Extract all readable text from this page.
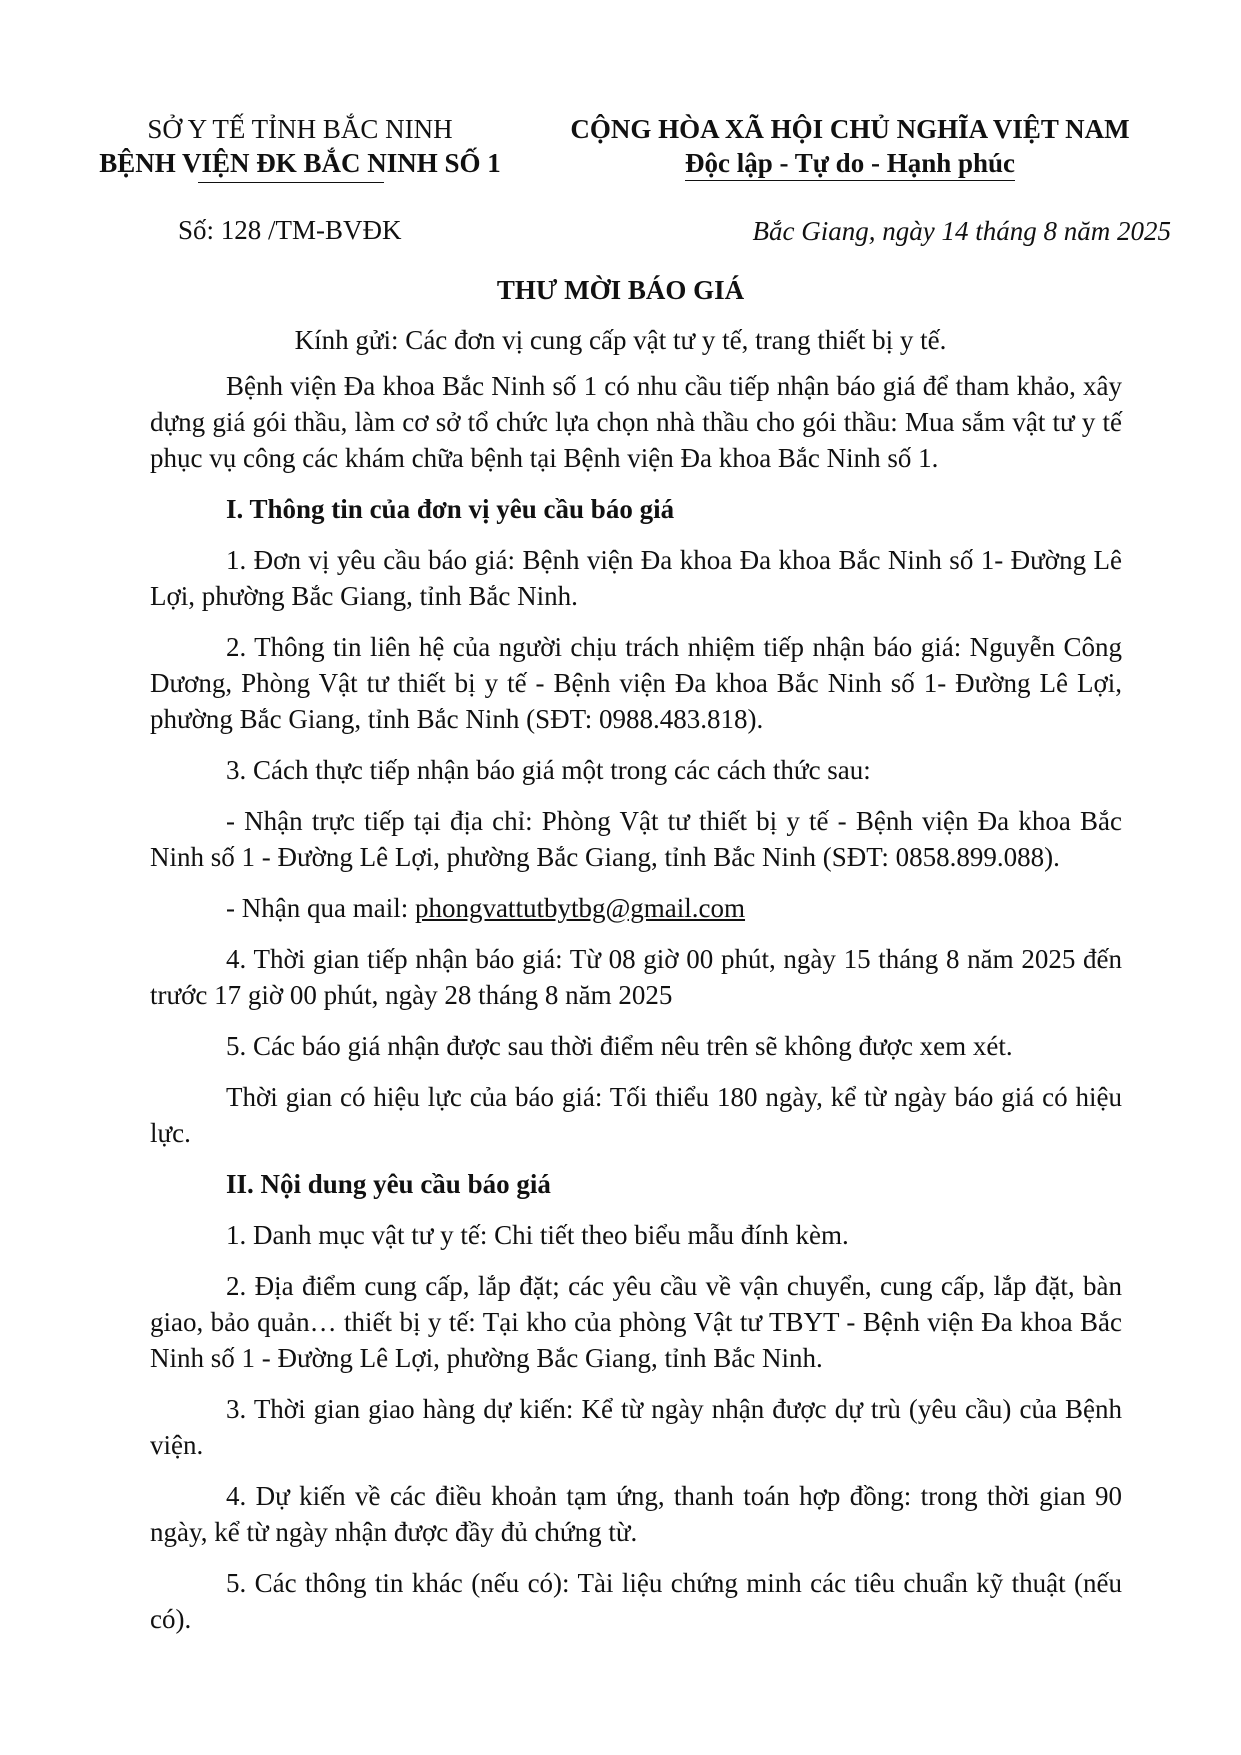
SỞ Y TẾ TỈNH BẮC NINH
BỆNH VIỆN ĐK BẮC NINH SỐ 1
CỘNG HÒA XÃ HỘI CHỦ NGHĨA VIỆT NAM
Độc lập - Tự do - Hạnh phúc
Số: 128 /TM-BVĐK	Bắc Giang, ngày 14 tháng 8 năm 2025
THƯ MỜI BÁO GIÁ
Kính gửi: Các đơn vị cung cấp vật tư y tế, trang thiết bị y tế.

Bệnh viện Đa khoa Bắc Ninh số 1 có nhu cầu tiếp nhận báo giá để tham khảo, xây dựng giá gói thầu, làm cơ sở tổ chức lựa chọn nhà thầu cho gói thầu: Mua sắm vật tư y tế phục vụ công các khám chữa bệnh tại Bệnh viện Đa khoa Bắc Ninh số 1.

I. Thông tin của đơn vị yêu cầu báo giá

1. Đơn vị yêu cầu báo giá: Bệnh viện Đa khoa Đa khoa Bắc Ninh số 1- Đường Lê Lợi, phường Bắc Giang, tỉnh Bắc Ninh.

2. Thông tin liên hệ của người chịu trách nhiệm tiếp nhận báo giá: Nguyễn Công Dương, Phòng Vật tư thiết bị y tế - Bệnh viện Đa khoa Bắc Ninh số 1- Đường Lê Lợi, phường Bắc Giang, tỉnh Bắc Ninh (SĐT: 0988.483.818).

3. Cách thực tiếp nhận báo giá một trong các cách thức sau:

- Nhận trực tiếp tại địa chỉ: Phòng Vật tư thiết bị y tế - Bệnh viện Đa khoa Bắc Ninh số 1 - Đường Lê Lợi, phường Bắc Giang, tỉnh Bắc Ninh (SĐT: 0858.899.088).

- Nhận qua mail: phongvattutbytbg@gmail.com

4. Thời gian tiếp nhận báo giá: Từ 08 giờ 00 phút, ngày 15 tháng 8 năm 2025 đến trước 17 giờ 00 phút, ngày 28 tháng 8 năm 2025

5. Các báo giá nhận được sau thời điểm nêu trên sẽ không được xem xét.

Thời gian có hiệu lực của báo giá: Tối thiểu 180 ngày, kể từ ngày báo giá có hiệu lực.

II. Nội dung yêu cầu báo giá

1. Danh mục vật tư y tế: Chi tiết theo biểu mẫu đính kèm.

2. Địa điểm cung cấp, lắp đặt; các yêu cầu về vận chuyển, cung cấp, lắp đặt, bàn giao, bảo quản… thiết bị y tế: Tại kho của phòng Vật tư TBYT - Bệnh viện Đa khoa Bắc Ninh số 1 - Đường Lê Lợi, phường Bắc Giang, tỉnh Bắc Ninh.

3. Thời gian giao hàng dự kiến: Kể từ ngày nhận được dự trù (yêu cầu) của Bệnh viện.

4. Dự kiến về các điều khoản tạm ứng, thanh toán hợp đồng: trong thời gian 90 ngày, kể từ ngày nhận được đầy đủ chứng từ.

5. Các thông tin khác (nếu có): Tài liệu chứng minh các tiêu chuẩn kỹ thuật (nếu có).
